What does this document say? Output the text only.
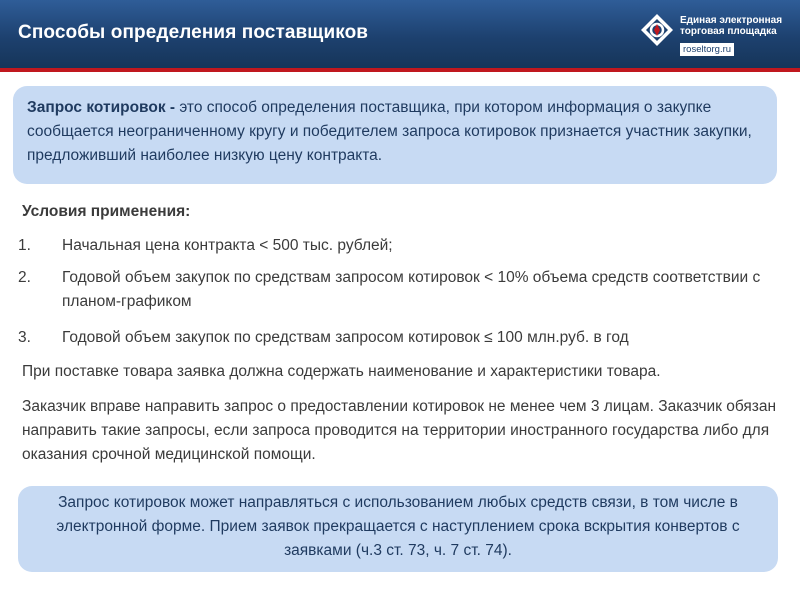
Способы определения поставщиков
Единая электронная
торговая площадка
roseltorg.ru
Запрос котировок - это способ определения поставщика, при котором информация о закупке сообщается неограниченному кругу и победителем запроса котировок признается участник закупки, предложивший наиболее низкую цену контракта.
Условия применения:
1. Начальная цена контракта < 500 тыс. рублей;
2. Годовой объем закупок по средствам запросом котировок < 10% объема средств соответствии с планом-графиком
3. Годовой объем закупок по средствам запросом котировок ≤ 100 млн.руб. в год
При поставке товара заявка должна содержать наименование и характеристики товара.
Заказчик вправе направить запрос о предоставлении котировок не менее чем 3 лицам. Заказчик обязан направить такие запросы, если запроса проводится на территории иностранного государства либо для оказания срочной медицинской помощи.
Запрос котировок может направляться с использованием любых средств связи, в том числе в электронной форме. Прием заявок прекращается с наступлением срока вскрытия конвертов с заявками (ч.3 ст. 73, ч. 7 ст. 74).
